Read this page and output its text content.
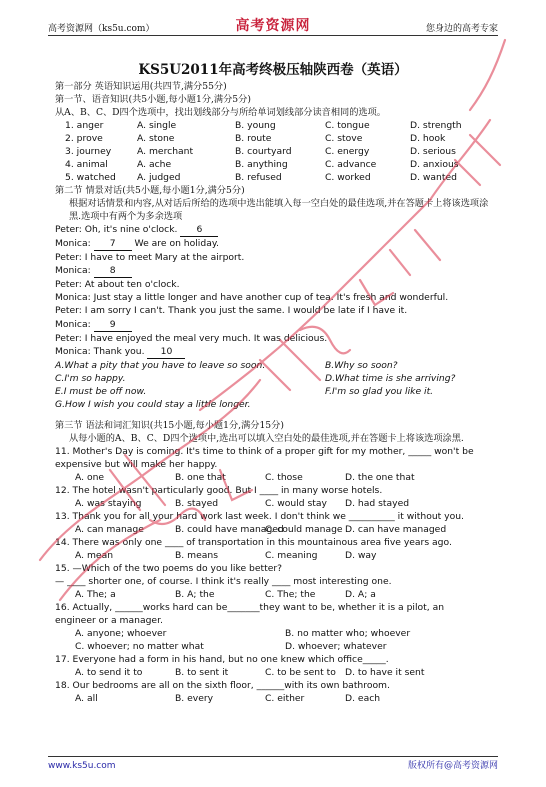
高考资源网（ks5u.com）	高考资源网	您身边的高考专家
KS5U2011年高考终极压轴陕西卷（英语）
第一部分 英语知识运用(共四节,满分55分)
第一节、语音知识(共5小题,每小题1分,满分5分)
从A、B、C、D四个选项中，找出划线部分与所给单词划线部分读音相同的选项。
1. anger	A. single	B. young	C. tongue	D. strength
2. prove	A. stone	B. route	C. stove	D. hook
3. journey	A. merchant	B. courtyard	C. energy	D. serious
4. animal	A. ache	B. anything	C. advance	D. anxious
5. watched A. judged	B. refused	C. worked	D. wanted
第二节 情景对话(共5小题,每小题1分,满分5分)
根据对话情景和内容,从对话后所给的选项中选出能填入每一空白处的最佳选项,并在答题卡上将该选项涂黑.选项中有两个为多余选项
Peter: Oh, it's nine o'clock. 6
Monica: 7 We are on holiday.
Peter: I have to meet Mary at the airport.
Monica: 8
Peter: At about ten o'clock.
Monica: Just stay a little longer and have another cup of tea. It's fresh and wonderful.
Peter: I am sorry I can't. Thank you just the same. I would be late if I have it.
Monica: 9
Peter: I have enjoyed the meal very much. It was delicious.
Monica: Thank you. 10
A.What a pity that you have to leave so soon.	B.Why so soon?
C.I'm so happy.	D.What time is she arriving?
E.I must be off now.	F.I'm so glad you like it.
G.How I wish you could stay a little longer.
第三节 语法和词汇知识(共15小题,每小题1分,满分15分)
从每小题的A、B、C、D四个选项中,选出可以填入空白处的最佳选项,并在答题卡上将该选项涂黑.
11. Mother's Day is coming. It's time to think of a proper gift for my mother, _____ won't be
expensive but will make her happy.
A. one	B. one that	C. those	D. the one that
12. The hotel wasn't particularly good. But I ____ in many worse hotels.
A. was staying	B. stayed	C. would stay D. had stayed
13. Thank you for all your hard work last week. I don't think we __________ it without you.
A. can manage	B. could have managed
C. could manage D. can have managed
14. There was only one ____ of transportation in this mountainous area five years ago.
A. mean	B. means	C. meaning	D. way
15. —Which of the two poems do you like better?
— ____ shorter one, of course. I think it's really ____ most interesting one.
A. The; a	B. A; the	C. The; the	D. A; a
16. Actually, ______works hard can be_______they want to be, whether it is a pilot, an
engineer or a manager.
A. anyone; whoever	B. no matter who; whoever
C. whoever; no matter what	D. whoever; whatever
17. Everyone had a form in his hand, but no one knew which office_____.
A. to send it to	B. to sent it	C. to be sent to D. to have it sent
18. Our bedrooms are all on the sixth floor, ______with its own bathroom.
A. all	B. every	C. either	D. each
www.ks5u.com	版权所有@高考资源网
